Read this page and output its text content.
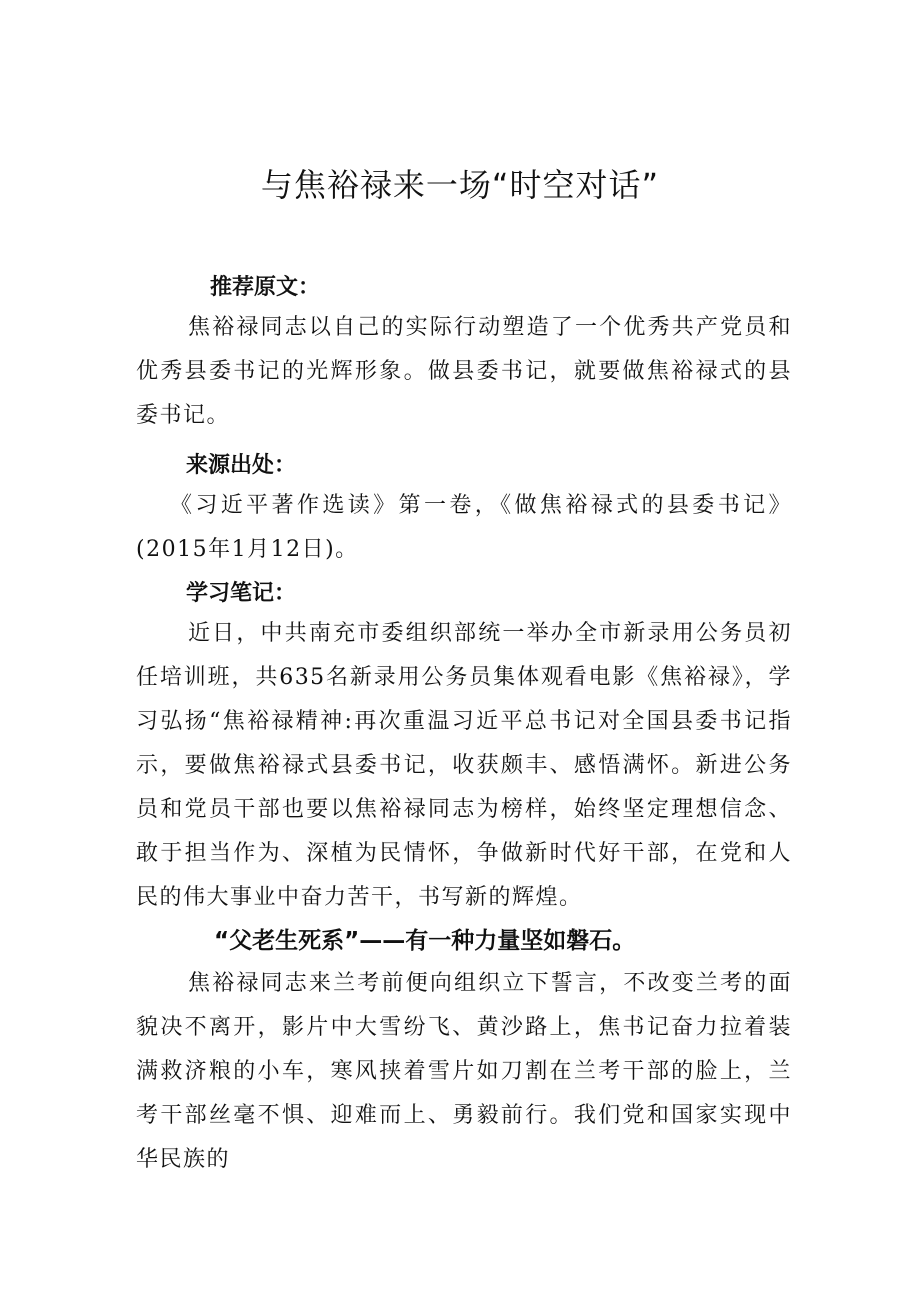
与焦裕禄来一场“时空对话”
推荐原文：

焦裕禄同志以自己的实际行动塑造了一个优秀共产党员和优秀县委书记的光辉形象。做县委书记，就要做焦裕禄式的县委书记。

来源出处：

《习近平著作选读》第一卷，《做焦裕禄式的县委书记》(2015年1月12日)。

学习笔记：

近日，中共南充市委组织部统一举办全市新录用公务员初任培训班，共635名新录用公务员集体观看电影《焦裕禄》，学习弘扬“焦裕禄精神:再次重温习近平总书记对全国县委书记指示，要做焦裕禄式县委书记，收获颇丰、感悟满怀。新进公务员和党员干部也要以焦裕禄同志为榜样，始终坚定理想信念、敢于担当作为、深植为民情怀，争做新时代好干部，在党和人民的伟大事业中奋力苦干，书写新的辉煌。

“父老生死系”——有一种力量坚如磐石。

焦裕禄同志来兰考前便向组织立下誓言，不改变兰考的面貌决不离开，影片中大雪纷飞、黄沙路上，焦书记奋力拉着装满救济粮的小车，寒风挟着雪片如刀割在兰考干部的脸上，兰考干部丝毫不惧、迎难而上、勇毅前行。我们党和国家实现中华民族的
